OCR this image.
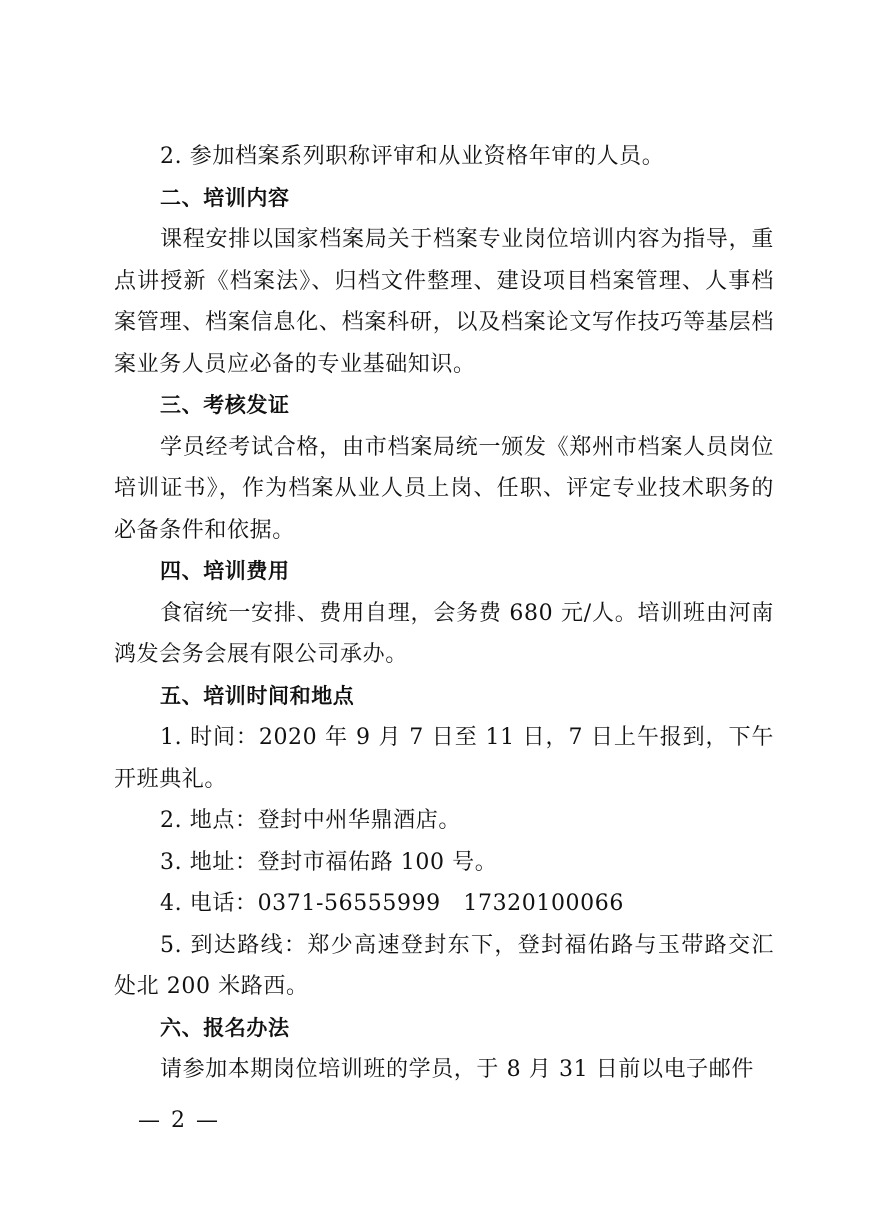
2. 参加档案系列职称评审和从业资格年审的人员。

二、培训内容

课程安排以国家档案局关于档案专业岗位培训内容为指导，重点讲授新《档案法》、归档文件整理、建设项目档案管理、人事档案管理、档案信息化、档案科研，以及档案论文写作技巧等基层档案业务人员应必备的专业基础知识。

三、考核发证

学员经考试合格，由市档案局统一颁发《郑州市档案人员岗位培训证书》，作为档案从业人员上岗、任职、评定专业技术职务的必备条件和依据。

四、培训费用

食宿统一安排、费用自理，会务费 680 元/人。培训班由河南鸿发会务会展有限公司承办。

五、培训时间和地点

1. 时间：2020 年 9 月 7 日至 11 日，7 日上午报到，下午开班典礼。

2. 地点：登封中州华鼎酒店。

3. 地址：登封市福佑路 100 号。

4. 电话：0371-56555999　17320100066

5. 到达路线：郑少高速登封东下，登封福佑路与玉带路交汇处北 200 米路西。

六、报名办法

请参加本期岗位培训班的学员，于 8 月 31 日前以电子邮件

— 2 —
